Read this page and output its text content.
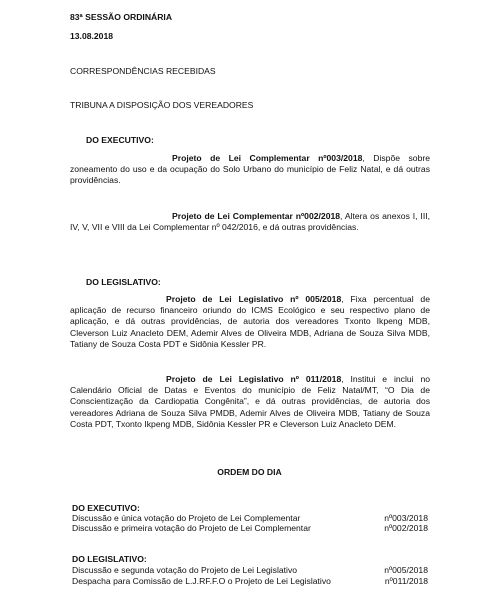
83ª SESSÃO ORDINÁRIA
13.08.2018
CORRESPONDÊNCIAS RECEBIDAS
TRIBUNA A DISPOSIÇÃO DOS VEREADORES
DO EXECUTIVO:
Projeto de Lei Complementar nº003/2018, Dispõe sobre zoneamento do uso e da ocupação do Solo Urbano do município de Feliz Natal, e dá outras providências.
Projeto de Lei Complementar nº002/2018, Altera os anexos I, III, IV, V, VII e VIII da Lei Complementar nº 042/2016, e dá outras providências.
DO LEGISLATIVO:
Projeto de Lei Legislativo nº 005/2018, Fixa percentual de aplicação de recurso financeiro oriundo do ICMS Ecológico e seu respectivo plano de aplicação, e dá outras providências, de autoria dos vereadores Txonto Ikpeng MDB, Cleverson Luiz Anacleto DEM, Ademir Alves de Oliveira MDB, Adriana de Souza Silva MDB, Tatiany de Souza Costa PDT e Sidônia Kessler PR.
Projeto de Lei Legislativo nº 011/2018, Institui e inclui no Calendário Oficial de Datas e Eventos do município de Feliz Natal/MT, “O Dia de Conscientização da Cardiopatia Congênita”, e dá outras providências, de autoria dos vereadores Adriana de Souza Silva PMDB, Ademir Alves de Oliveira MDB, Tatiany de Souza Costa PDT, Txonto Ikpeng MDB, Sidônia Kessler PR e Cleverson Luiz Anacleto DEM.
ORDEM DO DIA
DO EXECUTIVO:
Discussão e única votação do Projeto de Lei Complementar	nº003/2018
Discussão e primeira votação do Projeto de Lei Complementar	nº002/2018
DO LEGISLATIVO:
Discussão e segunda votação do Projeto de Lei Legislativo	nº005/2018
Despacha para Comissão de L.J.RF.F.O o Projeto de Lei Legislativo	nº011/2018
